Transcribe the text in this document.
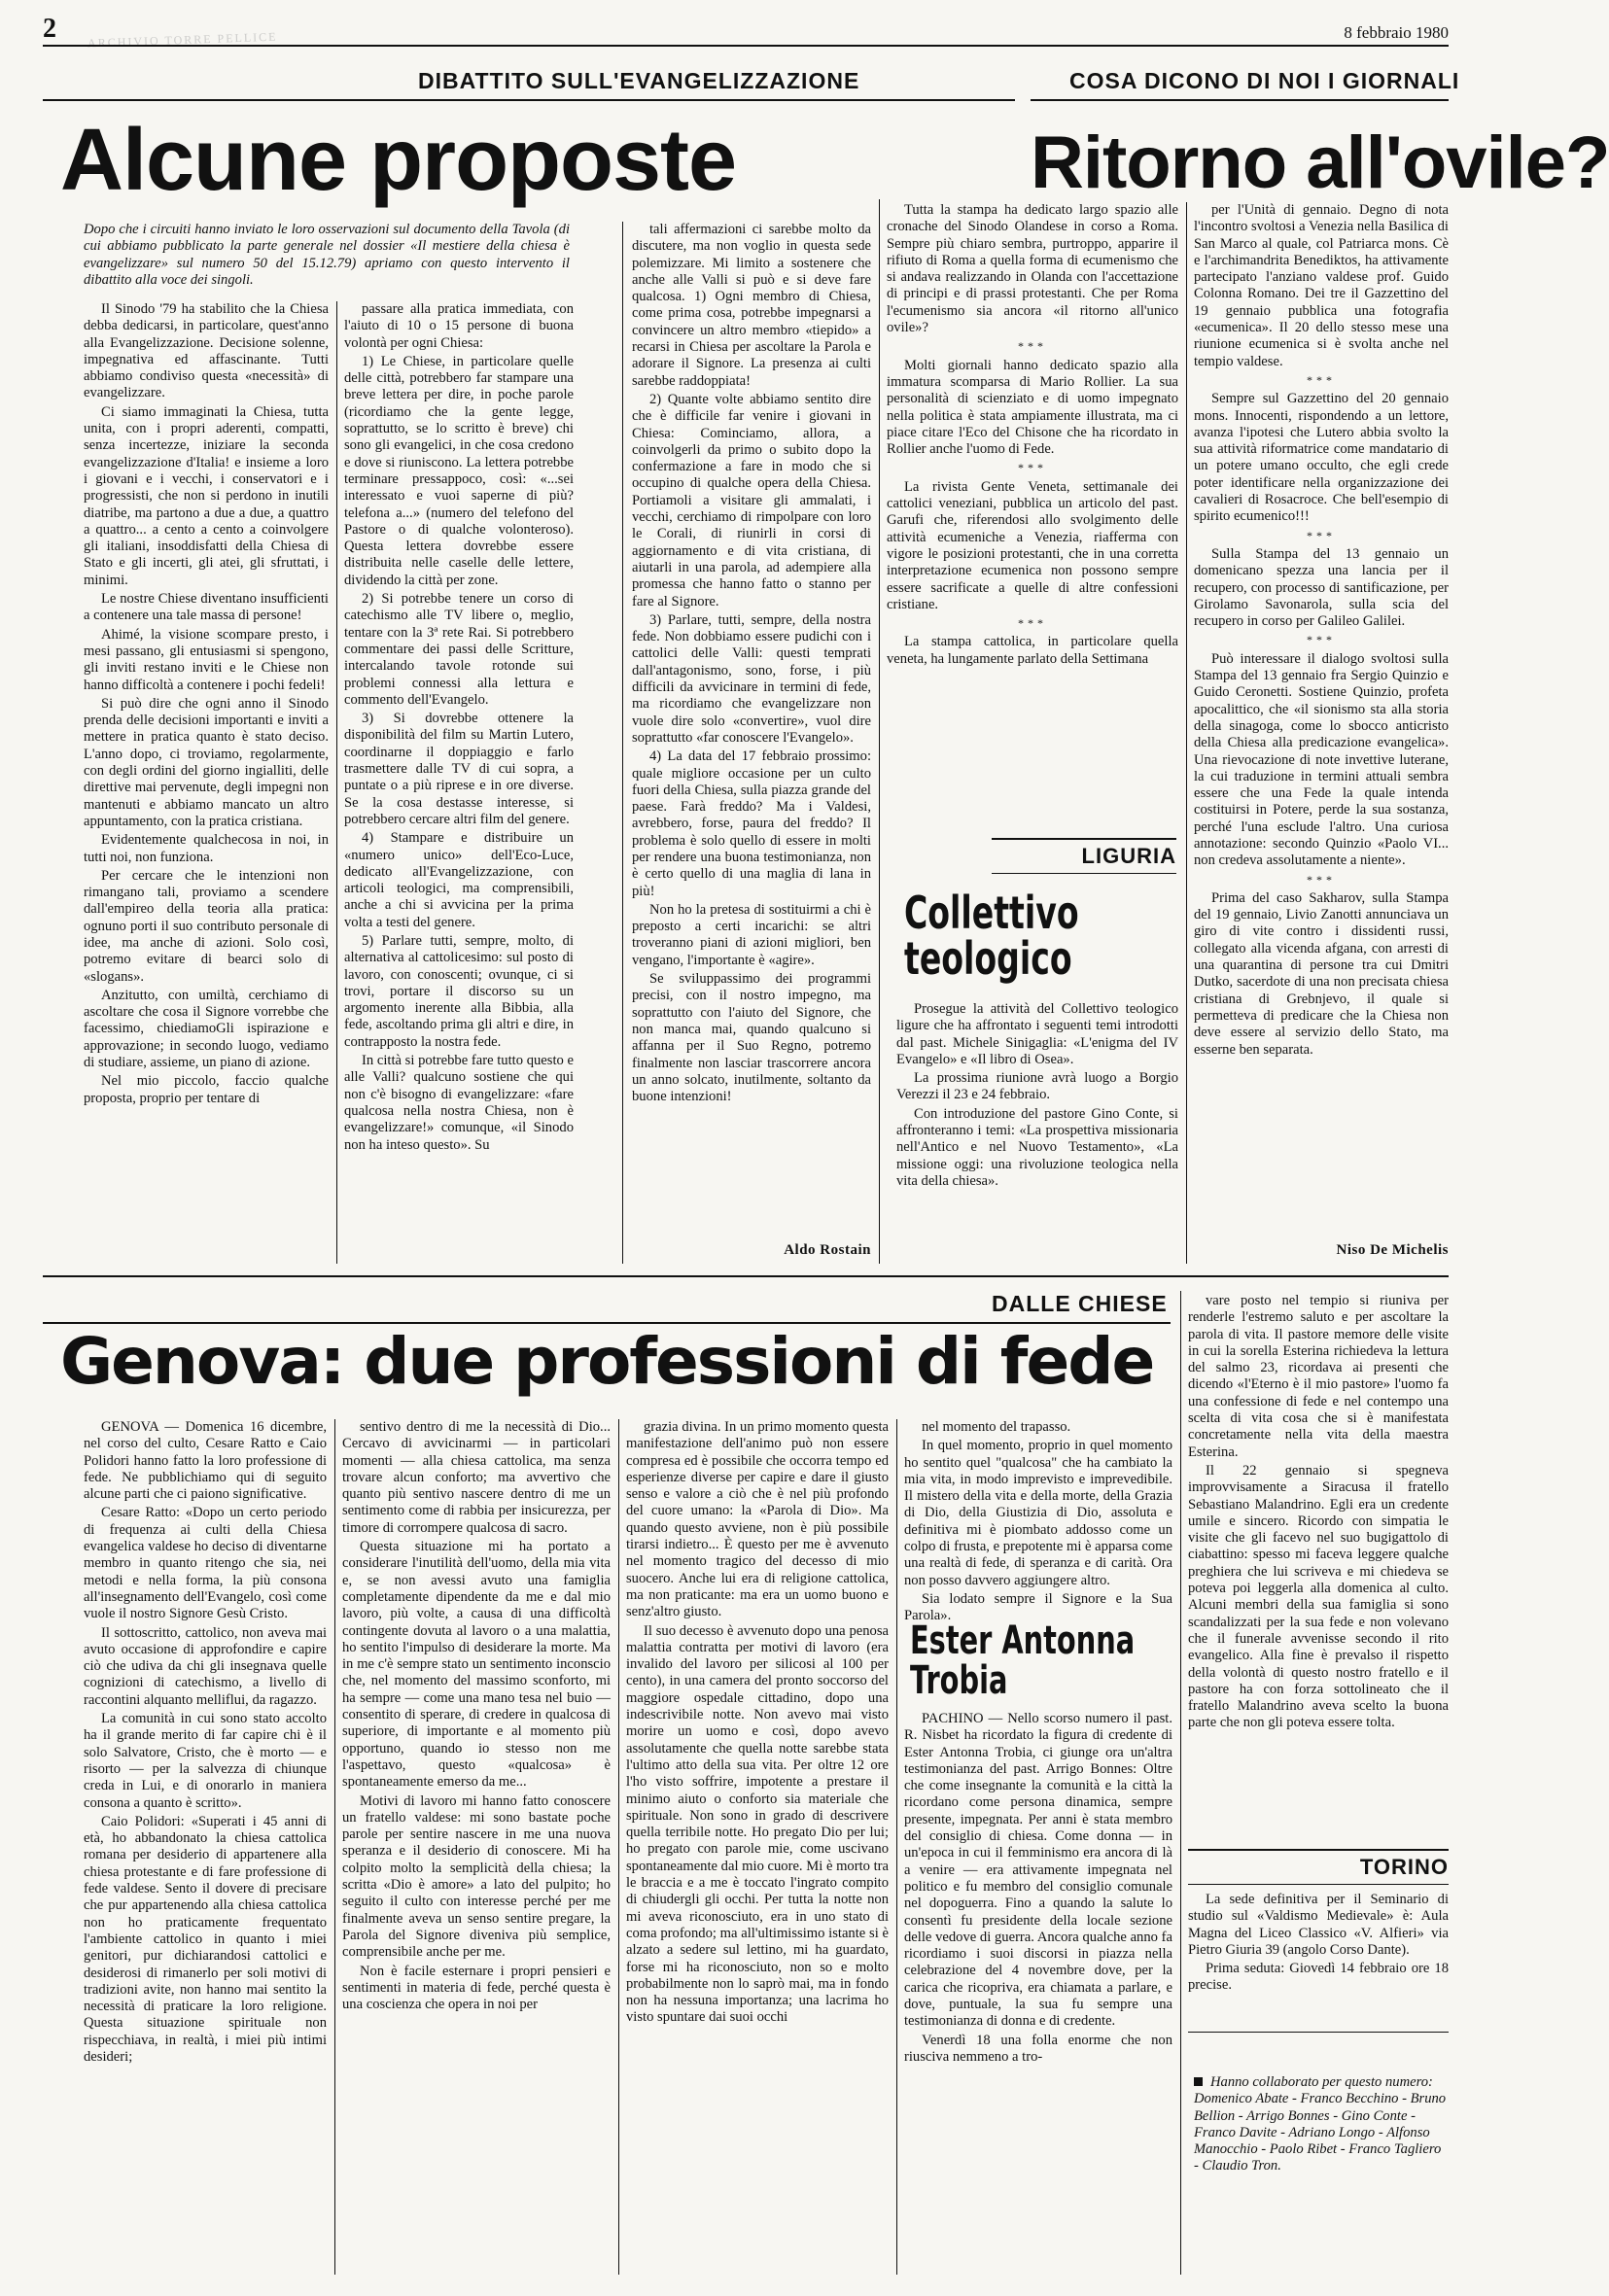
2	ARCHIVIO TORRE PELLICE	8 febbraio 1980
DIBATTITO SULL'EVANGELIZZAZIONE
Alcune proposte
Dopo che i circuiti hanno inviato le loro osservazioni sul documento della Tavola (di cui abbiamo pubblicato la parte generale nel dossier «Il mestiere della chiesa è evangelizzare» sul numero 50 del 15.12.79) apriamo con questo intervento il dibattito alla voce dei singoli.

Il Sinodo '79 ha stabilito che la Chiesa debba dedicarsi, in particolare, quest'anno alla Evangelizzazione. Decisione solenne, impegnativa ed affascinante. Tutti abbiamo condiviso questa «necessità» di evangelizzare.

Ci siamo immaginati la Chiesa, tutta unita, con i propri aderenti, compatti, senza incertezze, iniziare la seconda evangelizzazione d'Italia! e insieme a loro i giovani e i vecchi, i conservatori e i progressisti, che non si perdono in inutili diatribe, ma partono a due a due, a quattro a quattro... a cento a cento a coinvolgere gli italiani, insoddisfatti della Chiesa di Stato e gli incerti, gli atei, gli sfruttati, i minimi.

Le nostre Chiese diventano insufficienti a contenere una tale massa di persone!

Ahimé, la visione scompare presto, i mesi passano, gli entusiasmi si spengono, gli inviti restano inviti e le Chiese non hanno difficoltà a contenere i pochi fedeli!

Si può dire che ogni anno il Sinodo prenda delle decisioni importanti e inviti a mettere in pratica quanto è stato deciso. L'anno dopo, ci troviamo, regolarmente, con degli ordini del giorno ingialliti, delle direttive mai pervenute, degli impegni non mantenuti e abbiamo mancato un altro appuntamento, con la pratica cristiana.

Evidentemente qualchecosa in noi, in tutti noi, non funziona.

Per cercare che le intenzioni non rimangano tali, proviamo a scendere dall'empireo della teoria alla pratica: ognuno porti il suo contributo personale di idee, ma anche di azioni. Solo così, potremo evitare di bearci solo di «slogans».

Anzitutto, con umiltà, cerchiamo di ascoltare che cosa il Signore vorrebbe che facessimo, chiediamoGli ispirazione e approvazione; in secondo luogo, vediamo di studiare, assieme, un piano di azione.

Nel mio piccolo, faccio qualche proposta, proprio per tentare di

passare alla pratica immediata, con l'aiuto di 10 o 15 persone di buona volontà per ogni Chiesa:

1) Le Chiese, in particolare quelle delle città, potrebbero far stampare una breve lettera per dire, in poche parole (ricordiamo che la gente legge, soprattutto, se lo scritto è breve) chi sono gli evangelici, in che cosa credono e dove si riuniscono. La lettera potrebbe terminare pressappoco, così: «...sei interessato e vuoi saperne di più? telefona a...» (numero del telefono del Pastore o di qualche volonteroso). Questa lettera dovrebbe essere distribuita nelle caselle delle lettere, dividendo la città per zone.

2) Si potrebbe tenere un corso di catechismo alle TV libere o, meglio, tentare con la 3ª rete Rai. Si potrebbero commentare dei passi delle Scritture, intercalando tavole rotonde sui problemi connessi alla lettura e commento dell'Evangelo.

3) Si dovrebbe ottenere la disponibilità del film su Martin Lutero, coordinarne il doppiaggio e farlo trasmettere dalle TV di cui sopra, a puntate o a più riprese e in ore diverse. Se la cosa destasse interesse, si potrebbero cercare altri film del genere.

4) Stampare e distribuire un «numero unico» dell'Eco-Luce, dedicato all'Evangelizzazione, con articoli teologici, ma comprensibili, anche a chi si avvicina per la prima volta a testi del genere.

5) Parlare tutti, sempre, molto, di alternativa al cattolicesimo: sul posto di lavoro, con conoscenti; ovunque, ci si trovi, portare il discorso su un argomento inerente alla Bibbia, alla fede, ascoltando prima gli altri e dire, in contrapposto la nostra fede.

In città si potrebbe fare tutto questo e alle Valli? qualcuno sostiene che qui non c'è bisogno di evangelizzare: «fare qualcosa nella nostra Chiesa, non è evangelizzare!» comunque, «il Sinodo non ha inteso questo». Su

tali affermazioni ci sarebbe molto da discutere, ma non voglio in questa sede polemizzare. Mi limito a sostenere che anche alle Valli si può e si deve fare qualcosa. 1) Ogni membro di Chiesa, come prima cosa, potrebbe impegnarsi a convincere un altro membro «tiepido» a recarsi in Chiesa per ascoltare la Parola e adorare il Signore. La presenza ai culti sarebbe raddoppiata!

2) Quante volte abbiamo sentito dire che è difficile far venire i giovani in Chiesa: Cominciamo, allora, a coinvolgerli da primo o subito dopo la confermazione a fare in modo che si occupino di qualche opera della Chiesa. Portiamoli a visitare gli ammalati, i vecchi, cerchiamo di rimpolpare con loro le Corali, di riunirli in corsi di aggiornamento e di vita cristiana, di aiutarli in una parola, ad adempiere alla promessa che hanno fatto o stanno per fare al Signore.

3) Parlare, tutti, sempre, della nostra fede. Non dobbiamo essere pudichi con i cattolici delle Valli: questi temprati dall'antagonismo, sono, forse, i più difficili da avvicinare in termini di fede, ma ricordiamo che evangelizzare non vuole dire solo «convertire», vuol dire soprattutto «far conoscere l'Evangelo».

4) La data del 17 febbraio prossimo: quale migliore occasione per un culto fuori della Chiesa, sulla piazza grande del paese. Farà freddo? Ma i Valdesi, avrebbero, forse, paura del freddo? Il problema è solo quello di essere in molti per rendere una buona testimonianza, non è certo quello di una maglia di lana in più!

Non ho la pretesa di sostituirmi a chi è preposto a certi incarichi: se altri troveranno piani di azioni migliori, ben vengano, l'importante è «agire».

Se sviluppassimo dei programmi precisi, con il nostro impegno, ma soprattutto con l'aiuto del Signore, che non manca mai, quando qualcuno si affanna per il Suo Regno, potremo finalmente non lasciar trascorrere ancora un anno solcato, inutilmente, soltanto da buone intenzioni!

Aldo Rostain
COSA DICONO DI NOI I GIORNALI
Ritorno all'ovile?

Tutta la stampa ha dedicato largo spazio alle cronache del Sinodo Olandese in corso a Roma. Sempre più chiaro sembra, purtroppo, apparire il rifiuto di Roma a quella forma di ecumenismo che si andava realizzando in Olanda con l'accettazione di principi e di prassi protestanti. Che per Roma l'ecumenismo sia ancora «il ritorno all'unico ovile»?

***

Molti giornali hanno dedicato spazio alla immatura scomparsa di Mario Rollier. La sua personalità di scienziato e di uomo impegnato nella politica è stata ampiamente illustrata, ma ci piace citare l'Eco del Chisone che ha ricordato in Rollier anche l'uomo di Fede.

***

La rivista Gente Veneta, settimanale dei cattolici veneziani, pubblica un articolo del past. Garufi che, riferendosi allo svolgimento delle attività ecumeniche a Venezia, riafferma con vigore le posizioni protestanti, che in una corretta interpretazione ecumenica non possono sempre essere sacrificate a quelle di altre confessioni cristiane.

***

La stampa cattolica, in particolare quella veneta, ha lungamente parlato della Settimana

per l'Unità di gennaio. Degno di nota l'incontro svoltosi a Venezia nella Basilica di San Marco al quale, col Patriarca mons. Cè e l'archimandrita Benediktos, ha attivamente partecipato l'anziano valdese prof. Guido Colonna Romano. Dei tre il Gazzettino del 19 gennaio pubblica una fotografia «ecumenica». Il 20 dello stesso mese una riunione ecumenica si è svolta anche nel tempio valdese.

***

Sempre sul Gazzettino del 20 gennaio mons. Innocenti, rispondendo a un lettore, avanza l'ipotesi che Lutero abbia svolto la sua attività riformatrice come mandatario di un potere umano occulto, che egli crede poter identificare nella organizzazione dei cavalieri di Rosacroce. Che bell'esempio di spirito ecumenico!!!

***

Sulla Stampa del 13 gennaio un domenicano spezza una lancia per il recupero, con processo di santificazione, per Girolamo Savonarola, sulla scia del recupero in corso per Galileo Galilei.

***

Può interessare il dialogo svoltosi sulla Stampa del 13 gennaio fra Sergio Quinzio e Guido Ceronetti. Sostiene Quinzio, profeta apocalittico, che «il sionismo sta alla storia della sinagoga, come lo sbocco anticristo della Chiesa alla predicazione evangelica». Una rievocazione di note invettive luterane, la cui traduzione in termini attuali sembra essere che una Fede la quale intenda costituirsi in Potere, perde la sua sostanza, perché l'una esclude l'altro. Una curiosa annotazione: secondo Quinzio «Paolo VI... non credeva assolutamente a niente».

***

Prima del caso Sakharov, sulla Stampa del 19 gennaio, Livio Zanotti annunciava un giro di vite contro i dissidenti russi, collegato alla vicenda afgana, con arresti di una quarantina di persone tra cui Dmitri Dutko, sacerdote di una non precisata chiesa cristiana di Grebnjevo, il quale si permetteva di predicare che la Chiesa non deve essere al servizio dello Stato, ma esserne ben separata.

Niso De Michelis
LIGURIA
Collettivo
teologico

Prosegue la attività del Collettivo teologico ligure che ha affrontato i seguenti temi introdotti dal past. Michele Sinigaglia: «L'enigma del IV Evangelo» e «Il libro di Osea».

La prossima riunione avrà luogo a Borgio Verezzi il 23 e 24 febbraio.

Con introduzione del pastore Gino Conte, si affronteranno i temi: «La prospettiva missionaria nell'Antico e nel Nuovo Testamento», «La missione oggi: una rivoluzione teologica nella vita della chiesa».

DALLE CHIESE
Genova: due professioni di fede

GENOVA — Domenica 16 dicembre, nel corso del culto, Cesare Ratto e Caio Polidori hanno fatto la loro professione di fede. Ne pubblichiamo qui di seguito alcune parti che ci paiono significative.

Cesare Ratto: «Dopo un certo periodo di frequenza ai culti della Chiesa evangelica valdese ho deciso di diventarne membro in quanto ritengo che sia, nei metodi e nella forma, la più consona all'insegnamento dell'Evangelo, così come vuole il nostro Signore Gesù Cristo.

Il sottoscritto, cattolico, non aveva mai avuto occasione di approfondire e capire ciò che udiva da chi gli insegnava quelle cognizioni di catechismo, a livello di raccontini alquanto melliflui, da ragazzo.

La comunità in cui sono stato accolto ha il grande merito di far capire chi è il solo Salvatore, Cristo, che è morto — e risorto — per la salvezza di chiunque creda in Lui, e di onorarlo in maniera consona a quanto è scritto».

Caio Polidori: «Superati i 45 anni di età, ho abbandonato la chiesa cattolica romana per desiderio di appartenere alla chiesa protestante e di fare professione di fede valdese. Sento il dovere di precisare che pur appartenendo alla chiesa cattolica non ho praticamente frequentato l'ambiente cattolico in quanto i miei genitori, pur dichiarandosi cattolici e desiderosi di rimanerlo per soli motivi di tradizioni avite, non hanno mai sentito la necessità di praticare la loro religione. Questa situazione spirituale non rispecchiava, in realtà, i miei più intimi desideri;

sentivo dentro di me la necessità di Dio... Cercavo di avvicinarmi — in particolari momenti — alla chiesa cattolica, ma senza trovare alcun conforto; ma avvertivo che quanto più sentivo nascere dentro di me un sentimento come di rabbia per insicurezza, per timore di corrompere qualcosa di sacro.

Questa situazione mi ha portato a considerare l'inutilità dell'uomo, della mia vita e, se non avessi avuto una famiglia completamente dipendente da me e dal mio lavoro, più volte, a causa di una difficoltà contingente dovuta al lavoro o a una malattia, ho sentito l'impulso di desiderare la morte. Ma in me c'è sempre stato un sentimento inconscio che, nel momento del massimo sconforto, mi ha sempre — come una mano tesa nel buio — consentito di sperare, di credere in qualcosa di superiore, di importante e al momento più opportuno, quando io stesso non me l'aspettavo, questo «qualcosa» è spontaneamente emerso da me...

Motivi di lavoro mi hanno fatto conoscere un fratello valdese: mi sono bastate poche parole per sentire nascere in me una nuova speranza e il desiderio di conoscere. Mi ha colpito molto la semplicità della chiesa; la scritta «Dio è amore» a lato del pulpito; ho seguito il culto con interesse perché per me finalmente aveva un senso sentire pregare, la Parola del Signore diveniva più semplice, comprensibile anche per me.

Non è facile esternare i propri pensieri e sentimenti in materia di fede, perché questa è una coscienza che opera in noi per

grazia divina. In un primo momento questa manifestazione dell'animo può non essere compresa ed è possibile che occorra tempo ed esperienze diverse per capire e dare il giusto senso e valore a ciò che è nel più profondo del cuore umano: la «Parola di Dio». Ma quando questo avviene, non è più possibile tirarsi indietro... È questo per me è avvenuto nel momento tragico del decesso di mio suocero. Anche lui era di religione cattolica, ma non praticante: ma era un uomo buono e senz'altro giusto.

Il suo decesso è avvenuto dopo una penosa malattia contratta per motivi di lavoro (era invalido del lavoro per silicosi al 100 per cento), in una camera del pronto soccorso del maggiore ospedale cittadino, dopo una indescrivibile notte. Non avevo mai visto morire un uomo e così, dopo avevo assolutamente che quella notte sarebbe stata l'ultimo atto della sua vita. Per oltre 12 ore l'ho visto soffrire, impotente a prestare il minimo aiuto o conforto sia materiale che spirituale. Non sono in grado di descrivere quella terribile notte. Ho pregato Dio per lui; ho pregato con parole mie, come uscivano spontaneamente dal mio cuore. Mi è morto tra le braccia e a me è toccato l'ingrato compito di chiudergli gli occhi. Per tutta la notte non mi aveva riconosciuto, era in uno stato di coma profondo; ma all'ultimissimo istante si è alzato a sedere sul lettino, mi ha guardato, forse mi ha riconosciuto, non so e molto probabilmente non lo saprò mai, ma in fondo non ha nessuna importanza; una lacrima ho visto spuntare dai suoi occhi

nel momento del trapasso.

In quel momento, proprio in quel momento ho sentito quel "qualcosa" che ha cambiato la mia vita, in modo imprevisto e imprevedibile. Il mistero della vita e della morte, della Grazia di Dio, della Giustizia di Dio, assoluta e definitiva mi è piombato addosso come un colpo di frusta, e prepotente mi è apparsa come una realtà di fede, di speranza e di carità. Ora non posso davvero aggiungere altro.

Sia lodato sempre il Signore e la Sua Parola».

Ester Antonna
Trobia

PACHINO — Nello scorso numero il past. R. Nisbet ha ricordato la figura di credente di Ester Antonna Trobia, ci giunge ora un'altra testimonianza del past. Arrigo Bonnes: Oltre che come insegnante la comunità e la città la ricordano come persona dinamica, sempre presente, impegnata. Per anni è stata membro del consiglio di chiesa. Come donna — in un'epoca in cui il femminismo era ancora di là a venire — era attivamente impegnata nel politico e fu membro del consiglio comunale nel dopoguerra. Fino a quando la salute lo consentì fu presidente della locale sezione delle vedove di guerra. Ancora qualche anno fa ricordiamo i suoi discorsi in piazza nella celebrazione del 4 novembre dove, per la carica che ricopriva, era chiamata a parlare, e dove, puntuale, la sua fu sempre una testimonianza di donna e di credente.

Venerdì 18 una folla enorme che non riusciva nemmeno a tro-

vare posto nel tempio si riuniva per renderle l'estremo saluto e per ascoltare la parola di vita. Il pastore memore delle visite in cui la sorella Esterina richiedeva la lettura del salmo 23, ricordava ai presenti che dicendo «l'Eterno è il mio pastore» l'uomo fa una confessione di fede e nel contempo una scelta di vita cosa che si è manifestata concretamente nella vita della maestra Esterina.

Il 22 gennaio si spegneva improvvisamente a Siracusa il fratello Sebastiano Malandrino. Egli era un credente umile e sincero. Ricordo con simpatia le visite che gli facevo nel suo bugigattolo di ciabattino: spesso mi faceva leggere qualche preghiera che lui scriveva e mi chiedeva se poteva poi leggerla alla domenica al culto. Alcuni membri della sua famiglia si sono scandalizzati per la sua fede e non volevano che il funerale avvenisse secondo il rito evangelico. Alla fine è prevalso il rispetto della volontà di questo nostro fratello e il pastore ha con forza sottolineato che il fratello Malandrino aveva scelto la buona parte che non gli poteva essere tolta.

TORINO

La sede definitiva per il Seminario di studio sul «Valdismo Medievale» è: Aula Magna del Liceo Classico «V. Alfieri» via Pietro Giuria 39 (angolo Corso Dante).

Prima seduta: Giovedì 14 febbraio ore 18 precise.

Hanno collaborato per questo numero: Domenico Abate - Franco Becchino - Bruno Bellion - Arrigo Bonnes - Gino Conte - Franco Davite - Adriano Longo - Alfonso Manocchio - Paolo Ribet - Franco Tagliero - Claudio Tron.
